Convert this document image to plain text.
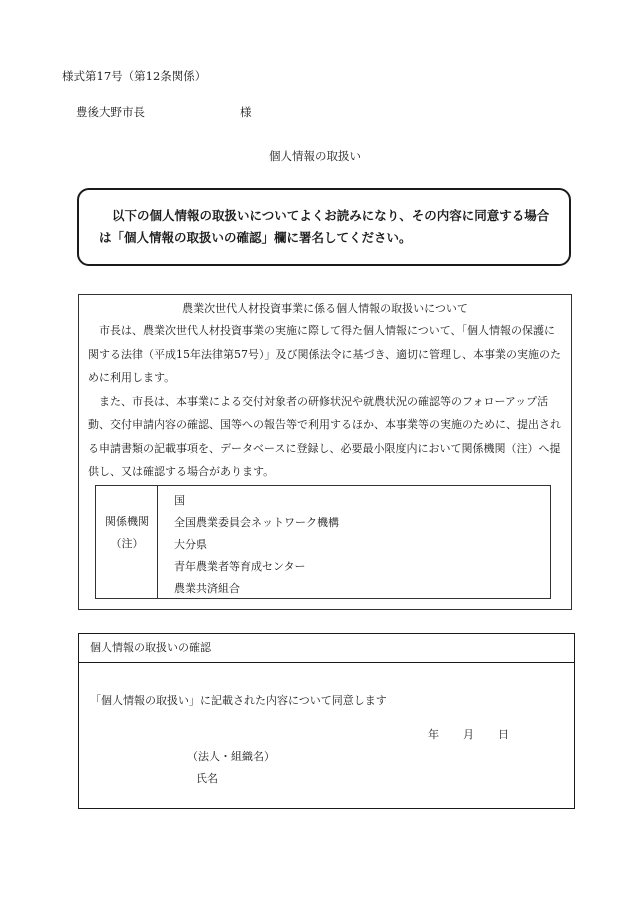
様式第17号（第12条関係）
豊後大野市長	様
個人情報の取扱い
以下の個人情報の取扱いについてよくお読みになり、その内容に同意する場合
は「個人情報の取扱いの確認」欄に署名してください。
農業次世代人材投資事業に係る個人情報の取扱いについて

市長は、農業次世代人材投資事業の実施に際して得た個人情報について、「個人情報の保護に関する法律（平成15年法律第57号）」及び関係法令に基づき、適切に管理し、本事業の実施のために利用します。

また、市長は、本事業による交付対象者の研修状況や就農状況の確認等のフォローアップ活動、交付申請内容の確認、国等への報告等で利用するほか、本事業等の実施のために、提出される申請書類の記載事項を、データベースに登録し、必要最小限度内において関係機関（注）へ提供し、又は確認する場合があります。

関係機関
（注）
国
全国農業委員会ネットワーク機構
大分県
青年農業者等育成センター
農業共済組合
個人情報の取扱いの確認
「個人情報の取扱い」に記載された内容について同意します
年 月 日
（法人・組織名）
氏名
